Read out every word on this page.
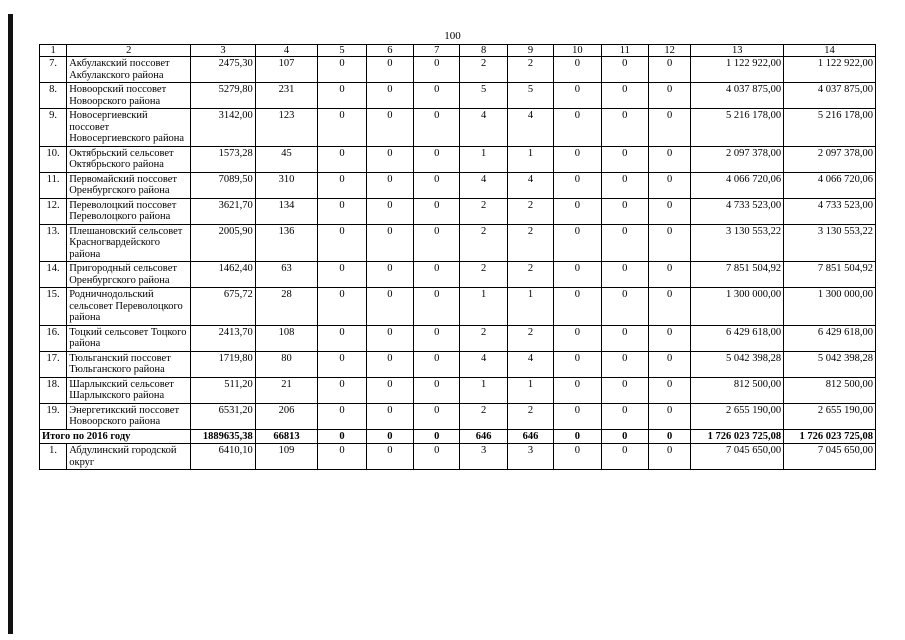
100
1	2	3	4	5	6	7	8	9	10	11	12	13	14
7.	Акбулакский поссовет Акбулакского района	2475,30	107	0	0	0	2	2	0	0	0	1 122 922,00	1 122 922,00
8.	Новоорский поссовет Новоорского района	5279,80	231	0	0	0	5	5	0	0	0	4 037 875,00	4 037 875,00
9.	Новосергиевский поссовет Новосергиевского района	3142,00	123	0	0	0	4	4	0	0	0	5 216 178,00	5 216 178,00
10.	Октябрьский сельсовет Октябрьского района	1573,28	45	0	0	0	1	1	0	0	0	2 097 378,00	2 097 378,00
11.	Первомайский поссовет Оренбургского района	7089,50	310	0	0	0	4	4	0	0	0	4 066 720,06	4 066 720,06
12.	Переволоцкий поссовет Переволоцкого района	3621,70	134	0	0	0	2	2	0	0	0	4 733 523,00	4 733 523,00
13.	Плешановский сельсовет Красногвардейского района	2005,90	136	0	0	0	2	2	0	0	0	3 130 553,22	3 130 553,22
14.	Пригородный сельсовет Оренбургского района	1462,40	63	0	0	0	2	2	0	0	0	7 851 504,92	7 851 504,92
15.	Родничнодольский сельсовет Переволоцкого района	675,72	28	0	0	0	1	1	0	0	0	1 300 000,00	1 300 000,00
16.	Тоцкий сельсовет Тоцкого района	2413,70	108	0	0	0	2	2	0	0	0	6 429 618,00	6 429 618,00
17.	Тюльганский поссовет Тюльганского района	1719,80	80	0	0	0	4	4	0	0	0	5 042 398,28	5 042 398,28
18.	Шарлыкский сельсовет Шарлыкского района	511,20	21	0	0	0	1	1	0	0	0	812 500,00	812 500,00
19.	Энергетикский поссовет Новоорского района	6531,20	206	0	0	0	2	2	0	0	0	2 655 190,00	2 655 190,00
Итого по 2016 году		1889635,38	66813	0	0	0	646	646	0	0	0	1 726 023 725,08	1 726 023 725,08
1.	Абдулинский городской округ	6410,10	109	0	0	0	3	3	0	0	0	7 045 650,00	7 045 650,00
